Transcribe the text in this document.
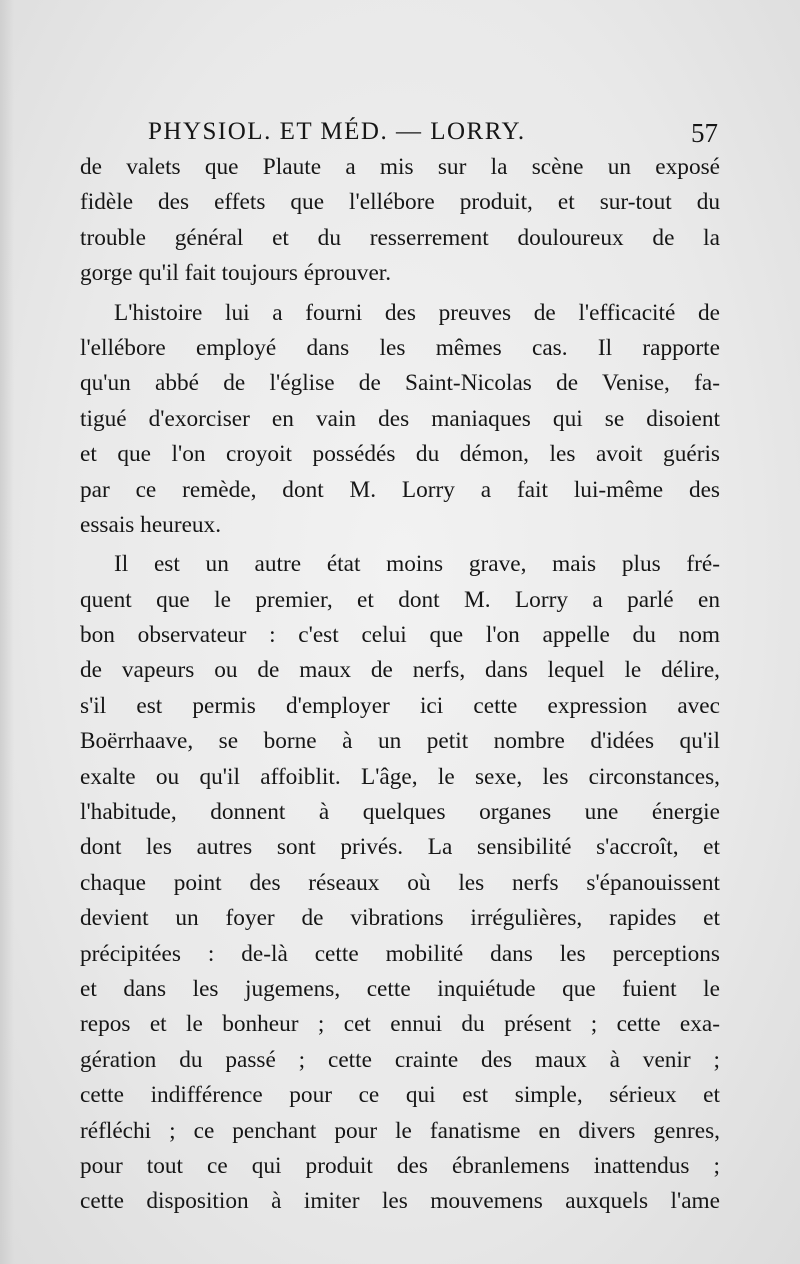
PHYSIOL. ET MÉD. — LORRY.	57
de valets que Plaute a mis sur la scène un exposé
fidèle des effets que l'ellébore produit, et sur-tout du
trouble général et du resserrement douloureux de la
gorge qu'il fait toujours éprouver.
L'histoire lui a fourni des preuves de l'efficacité de
l'ellébore employé dans les mêmes cas. Il rapporte
qu'un abbé de l'église de Saint-Nicolas de Venise, fa-
tigué d'exorciser en vain des maniaques qui se disoient
et que l'on croyoit possédés du démon, les avoit guéris
par ce remède, dont M. Lorry a fait lui-même des
essais heureux.
Il est un autre état moins grave, mais plus fré-
quent que le premier, et dont M. Lorry a parlé en
bon observateur : c'est celui que l'on appelle du nom
de vapeurs ou de maux de nerfs, dans lequel le délire,
s'il est permis d'employer ici cette expression avec
Boërrhaave, se borne à un petit nombre d'idées qu'il
exalte ou qu'il affoiblit. L'âge, le sexe, les circonstances,
l'habitude, donnent à quelques organes une énergie
dont les autres sont privés. La sensibilité s'accroît, et
chaque point des réseaux où les nerfs s'épanouissent
devient un foyer de vibrations irrégulières, rapides et
précipitées : de-là cette mobilité dans les perceptions
et dans les jugemens, cette inquiétude que fuient le
repos et le bonheur ; cet ennui du présent ; cette exa-
gération du passé ; cette crainte des maux à venir ;
cette indifférence pour ce qui est simple, sérieux et
réfléchi ; ce penchant pour le fanatisme en divers genres,
pour tout ce qui produit des ébranlemens inattendus ;
cette disposition à imiter les mouvemens auxquels l'ame
